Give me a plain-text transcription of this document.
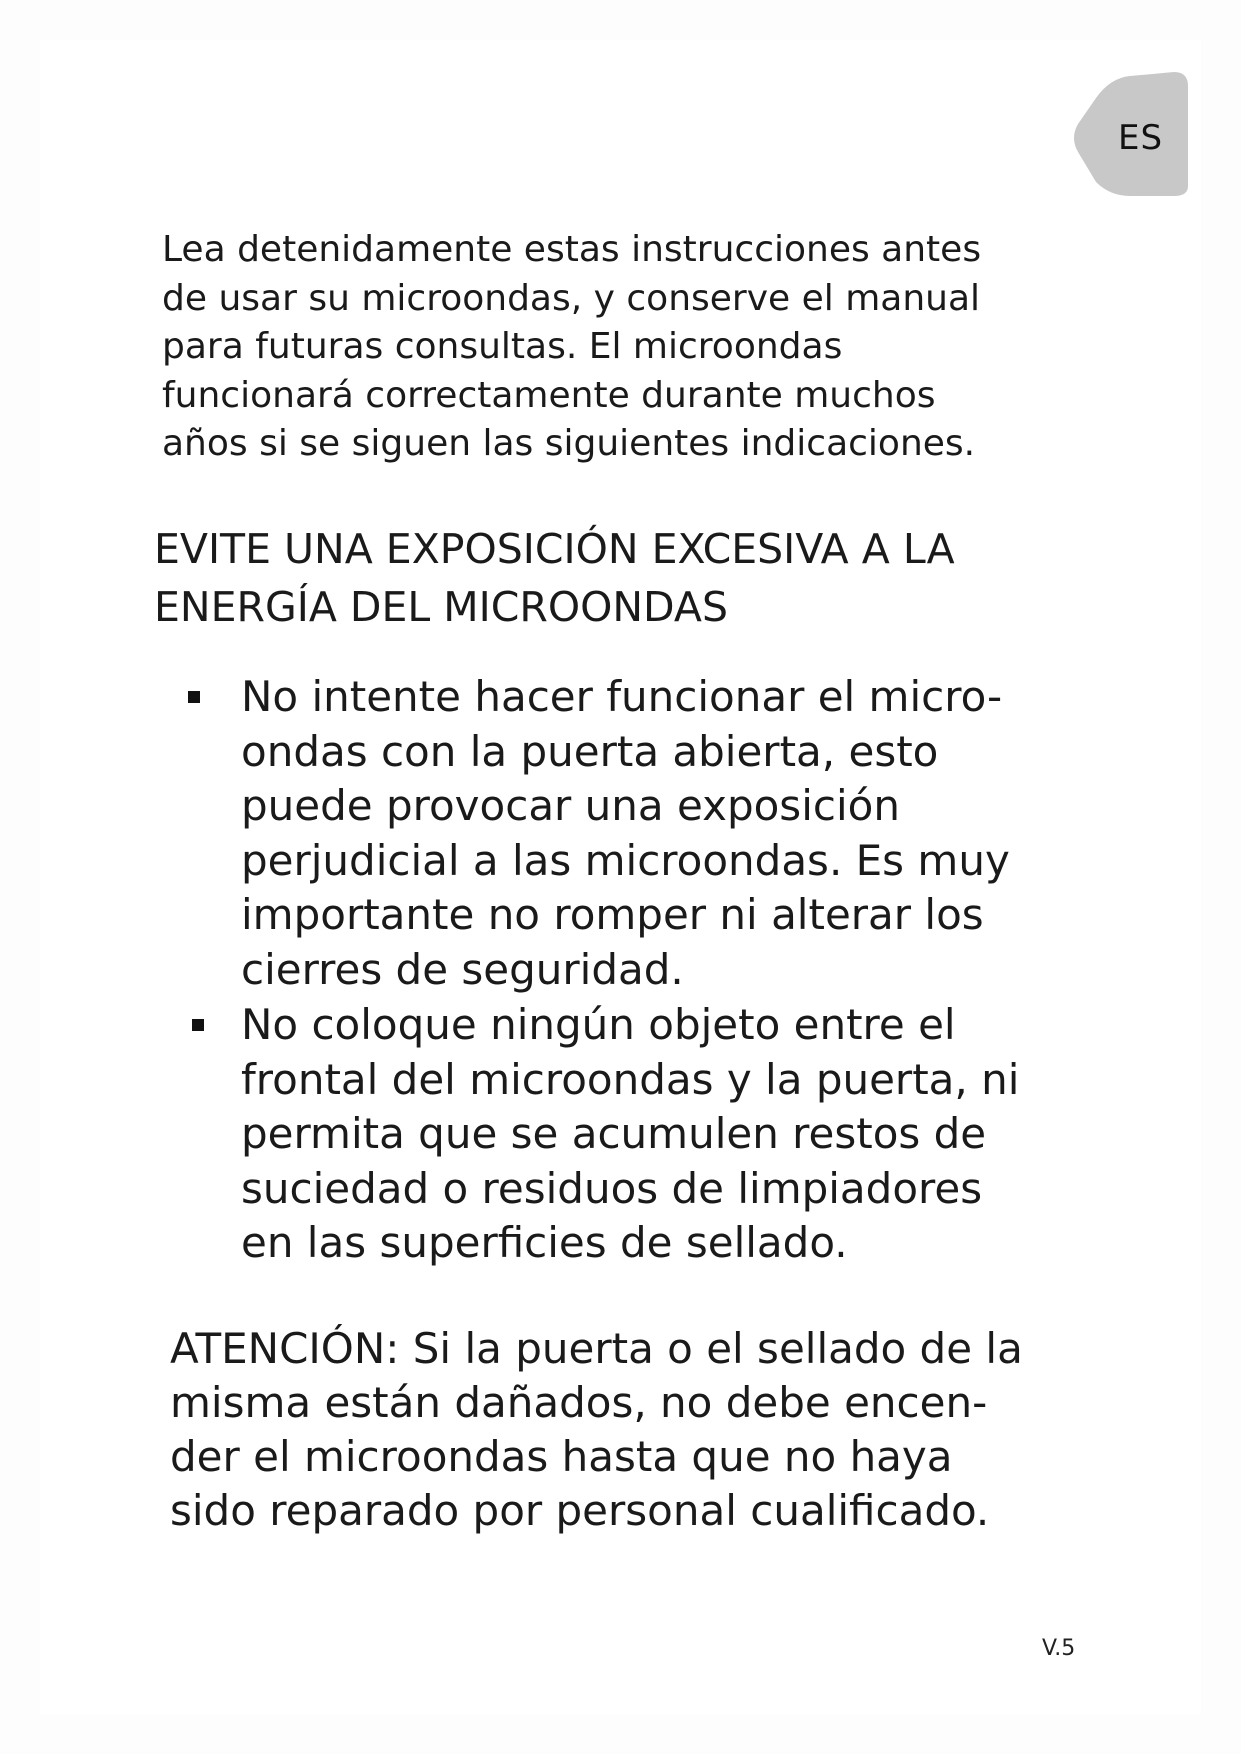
ES

Lea detenidamente estas instrucciones antes
de usar su microondas, y conserve el manual
para futuras consultas. El microondas
funcionará correctamente durante muchos
años si se siguen las siguientes indicaciones.

EVITE UNA EXPOSICIÓN EXCESIVA A LA
ENERGÍA DEL MICROONDAS
No intente hacer funcionar el micro-
ondas con la puerta abierta, esto
puede provocar una exposición
perjudicial a las microondas. Es muy
importante no romper ni alterar los
cierres de seguridad.
No coloque ningún objeto entre el
frontal del microondas y la puerta, ni
permita que se acumulen restos de
suciedad o residuos de limpiadores
en las superficies de sellado.

ATENCIÓN: Si la puerta o el sellado de la
misma están dañados, no debe encen-
der el microondas hasta que no haya
sido reparado por personal cualificado.

V.5
